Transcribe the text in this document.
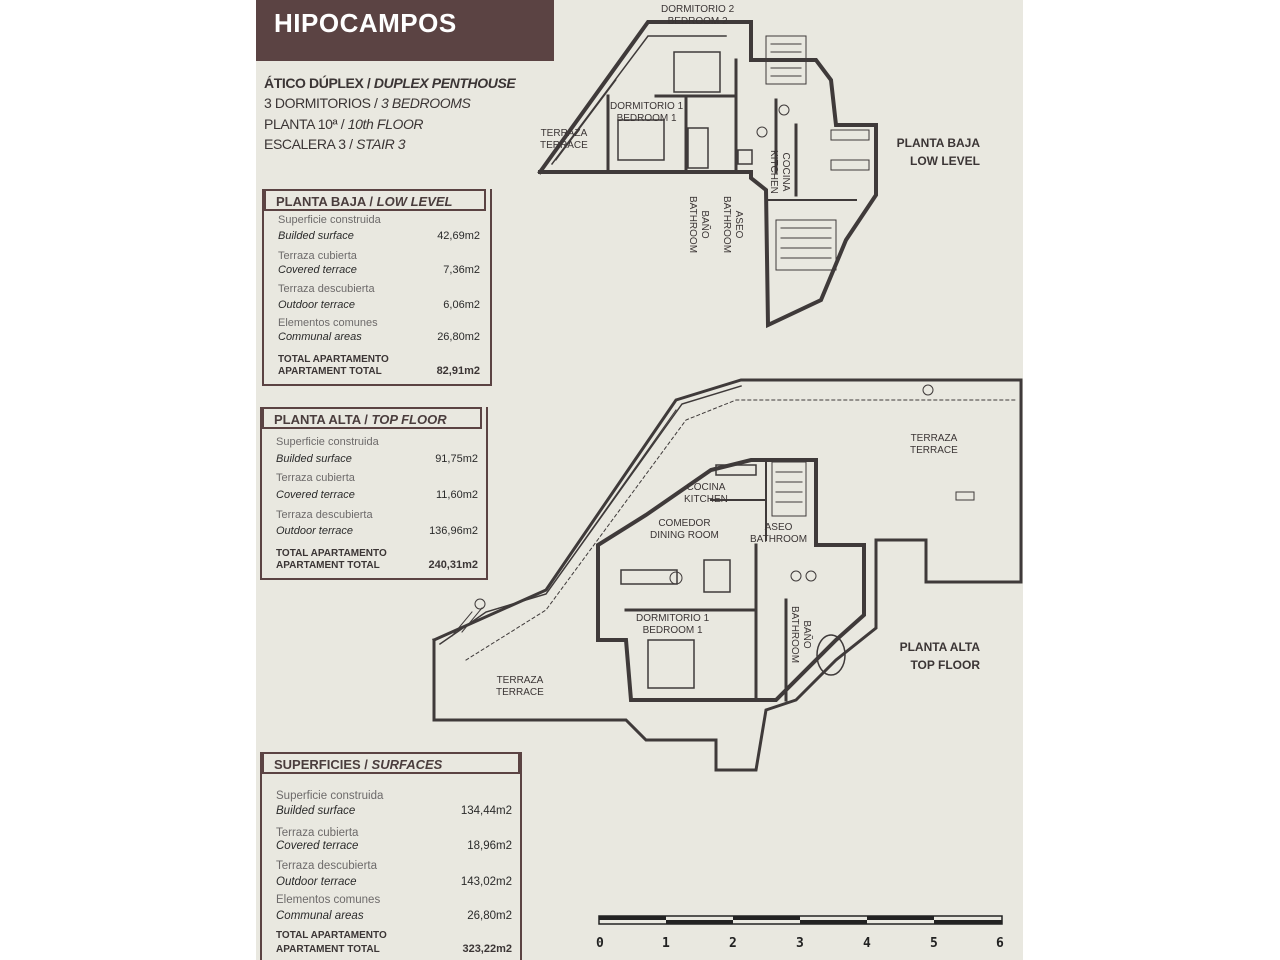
HIPOCAMPOS
ÁTICO DÚPLEX / DUPLEX PENTHOUSE
3 DORMITORIOS / 3 BEDROOMS
PLANTA 10ª / 10th FLOOR
ESCALERA 3 / STAIR 3
PLANTA BAJA / LOW LEVEL
Superficie construida
Builded surface	42,69m2
Terraza cubierta
Covered terrace	7,36m2
Terraza descubierta
Outdoor terrace	6,06m2
Elementos comunes
Communal areas	26,80m2
TOTAL APARTAMENTO
APARTAMENT TOTAL	82,91m2
PLANTA ALTA / TOP FLOOR
Superficie construida
Builded surface	91,75m2
Terraza cubierta
Covered terrace	11,60m2
Terraza descubierta
Outdoor terrace	136,96m2
TOTAL APARTAMENTO
APARTAMENT TOTAL	240,31m2
SUPERFICIES / SURFACES
Superficie construida
Builded surface	134,44m2
Terraza cubierta
Covered terrace	18,96m2
Terraza descubierta
Outdoor terrace	143,02m2
Elementos comunes
Communal areas	26,80m2
TOTAL APARTAMENTO
APARTAMENT TOTAL	323,22m2
DORMITORIO 2
BEDROOM 2
DORMITORIO 1
BEDROOM 1
TERRAZA
TERRACE
COCINA
KITCHEN
ASEO
BATHROOM
BAÑO
BATHROOM
PLANTA BAJA
LOW LEVEL
TERRAZA
TERRACE
COCINA
KITCHEN
COMEDOR
DINING ROOM
ASEO
BATHROOM
DORMITORIO 1
BEDROOM 1	BAÑO
BATHROOM
TERRAZA
TERRACE
PLANTA ALTA
TOP FLOOR
0	1	2	3	4	5	6
